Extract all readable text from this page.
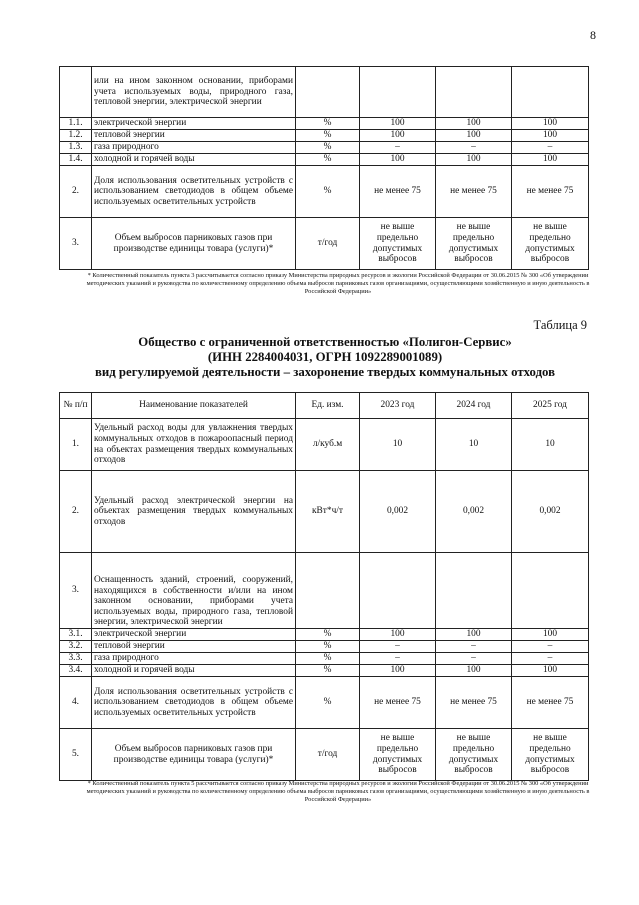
8
	или на ином законном основании, приборами учета используемых воды, природного газа, тепловой энергии, электрической энергии				
1.1.	электрической энергии	%	100	100	100
1.2.	тепловой энергии	%	100	100	100
1.3.	газа природного	%	–	–	–
1.4.	холодной и горячей воды	%	100	100	100
2.	Доля использования осветительных устройств с использованием светодиодов в общем объеме используемых осветительных устройств	%	не менее 75	не менее 75	не менее 75
3.	Объем выбросов парниковых газов при производстве единицы товара (услуги)*	т/год	не выше предельно допустимых выбросов	не выше предельно допустимых выбросов	не выше предельно допустимых выбросов
* Количественный показатель пункта 3 рассчитывается согласно приказу Министерства природных ресурсов и экологии Российской Федерации от 30.06.2015 № 300 «Об утверждении методических указаний и руководства по количественному определению объема выбросов парниковых газов организациями, осуществляющими хозяйственную и иную деятельность в Российской Федерации»
Таблица 9
Общество с ограниченной ответственностью «Полигон-Сервис»
(ИНН 2284004031, ОГРН 1092289001089)
вид регулируемой деятельности – захоронение твердых коммунальных отходов
№ п/п	Наименование показателей	Ед. изм.	2023 год	2024 год	2025 год
1.	Удельный расход воды для увлажнения твердых коммунальных отходов в пожароопасный период на объектах размещения твердых коммунальных отходов	л/куб.м	10	10	10
2.	Удельный расход электрической энергии на объектах размещения твердых коммунальных отходов	кВт*ч/т	0,002	0,002	0,002
3.	Оснащенность зданий, строений, сооружений, находящихся в собственности и/или на ином законном основании, приборами учета используемых воды, природного газа, тепловой энергии, электрической энергии				
3.1.	электрической энергии	%	100	100	100
3.2.	тепловой энергии	%	–	–	–
3.3.	газа природного	%	–	–	–
3.4.	холодной и горячей воды	%	100	100	100
4.	Доля использования осветительных устройств с использованием светодиодов в общем объеме используемых осветительных устройств	%	не менее 75	не менее 75	не менее 75
5.	Объем выбросов парниковых газов при производстве единицы товара (услуги)*	т/год	не выше предельно допустимых выбросов	не выше предельно допустимых выбросов	не выше предельно допустимых выбросов
* Количественный показатель пункта 5 рассчитывается согласно приказу Министерства природных ресурсов и экологии Российской Федерации от 30.06.2015 № 300 «Об утверждении методических указаний и руководства по количественному определению объема выбросов парниковых газов организациями, осуществляющими хозяйственную и иную деятельность в Российской Федерации»
